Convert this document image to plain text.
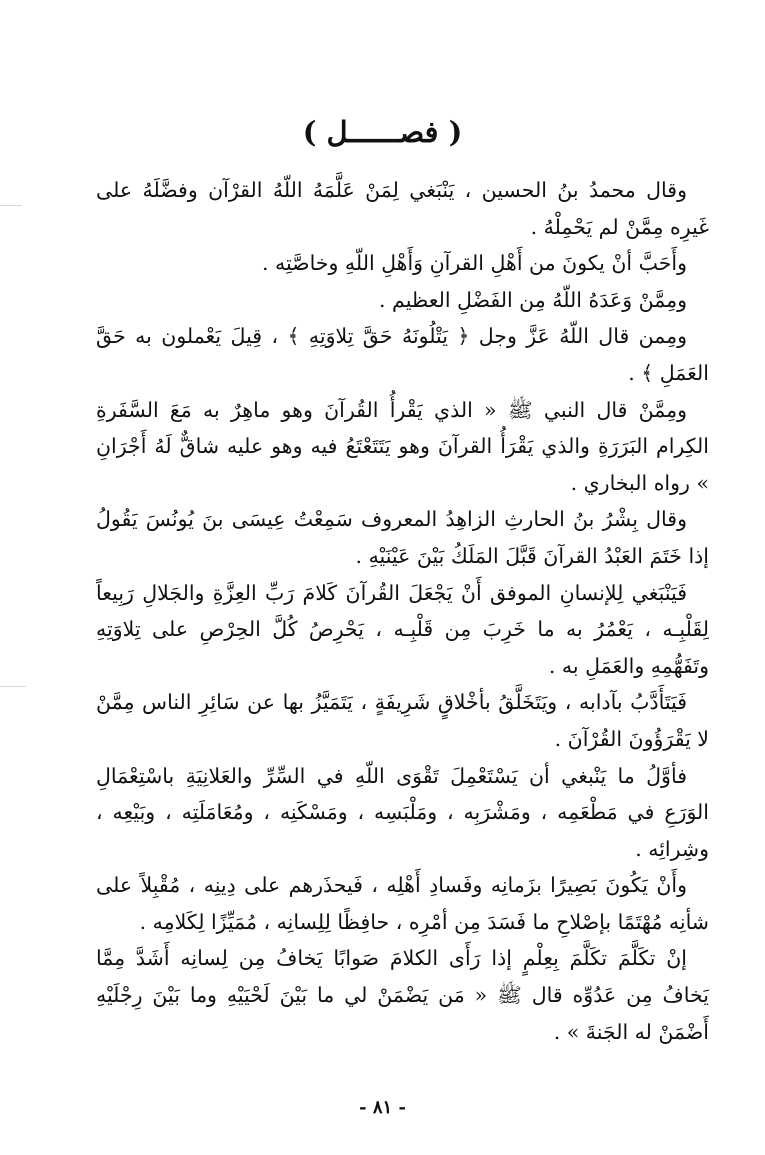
( فصــــــل )

وقال محمدُ بنُ الحسين ، يَنْبَغي لِمَنْ عَلَّمَهُ اللّهُ القرْآن وفضَّلَهُ على غَيرِه مِمَّنْ لم يَحْمِلْهُ .

وأَحَبَّ أنْ يكونَ من أَهْلِ القرآنِ وَأَهْلِ اللّهِ وخاصَّتِه .

ومِمَّنْ وَعَدَهُ اللّهُ مِن الفَضْلِ العظيم .

ومِمن قال اللّهُ عَزَّ وجل ﴿ يَتْلُونَهُ حَقَّ تِلاوَتِهِ ﴾ ، قِيلَ يَعْملون به حَقَّ العَمَلِ ﴾ .

ومِمَّنْ قال النبي ﷺ « الذي يَقْرأُ القُرآنَ وهو ماهِرٌ به مَعَ السَّفَرةِ الكِرام البَرَرَةِ والذي يَقْرَأُ القرآنَ وهو يَتَتَعْتَعُ فيه وهو عليه شاقٌّ لَهُ أَجْرَانِ » رواه البخاري .

وقال بِشْرُ بنُ الحارثِ الزاهِدُ المعروف سَمِعْتُ عِيسَى بنَ يُونُسَ يَقُولُ إذا خَتَمَ العَبْدُ القرآنَ قَبَّلَ المَلَكُ بَيْنَ عَيْنَيْهِ .

فَيَنْبَغي لِلإنسانِ الموفق أَنْ يَجْعَلَ القُرآنَ كَلامَ رَبِّ العِزَّةِ والجَلالِ رَبِيعاً لِقَلْبِـه ، يَعْمُرُ به ما خَرِبَ مِن قَلْبِـه ، يَحْرِصُ كُلَّ الحِرْصِ على تِلاوَتِهِ وتَفَهُّمِهِ والعَمَلِ به .

فَيَتَأَدَّبُ بآدابه ، ويَتَخَلَّقُ بأخْلاقٍ شَرِيفَةٍ ، يَتَمَيَّزُ بها عن سَائِرِ الناس مِمَّنْ لا يَقْرَؤُونَ القُرْآنَ .

فأوَّلُ ما يَنْبغي أن يَسْتَعْمِلَ تَقْوَى اللّهِ في السِّرِّ والعَلانِيَةِ باسْتِعْمَالِ الوَرَعِ في مَطْعَمِه ، ومَشْرَبِه ، ومَلْبَسِه ، ومَسْكَنِه ، ومُعَامَلَتِه ، وبَيْعِه ، وشِرائِه .

وأَنْ يَكُونَ بَصِيرًا بزَمانِه وفَسادِ أَهْلِه ، فَيحذَرهم على دِينِه ، مُقْبِلاً على شأنِه مُهْتَمًا بإصْلاحِ ما فَسَدَ مِن أمْرِه ، حافِظًا لِلِسانِه ، مُمَيِّزًا لِكَلامِه .

إنْ تكَلَّمَ تكَلَّمَ بِعِلْمٍ إذا رَأَى الكلامَ صَوابًا يَخافُ مِن لِسانِه أَشَدَّ مِمَّا يَخافُ مِن عَدُوِّه قال ﷺ « مَن يَضْمَنْ لي ما بَيْنَ لَحْيَيْهِ وما بَيْنَ رِجْلَيْهِ أَضْمَنْ له الجَنةَ » .

- ٨١ -
